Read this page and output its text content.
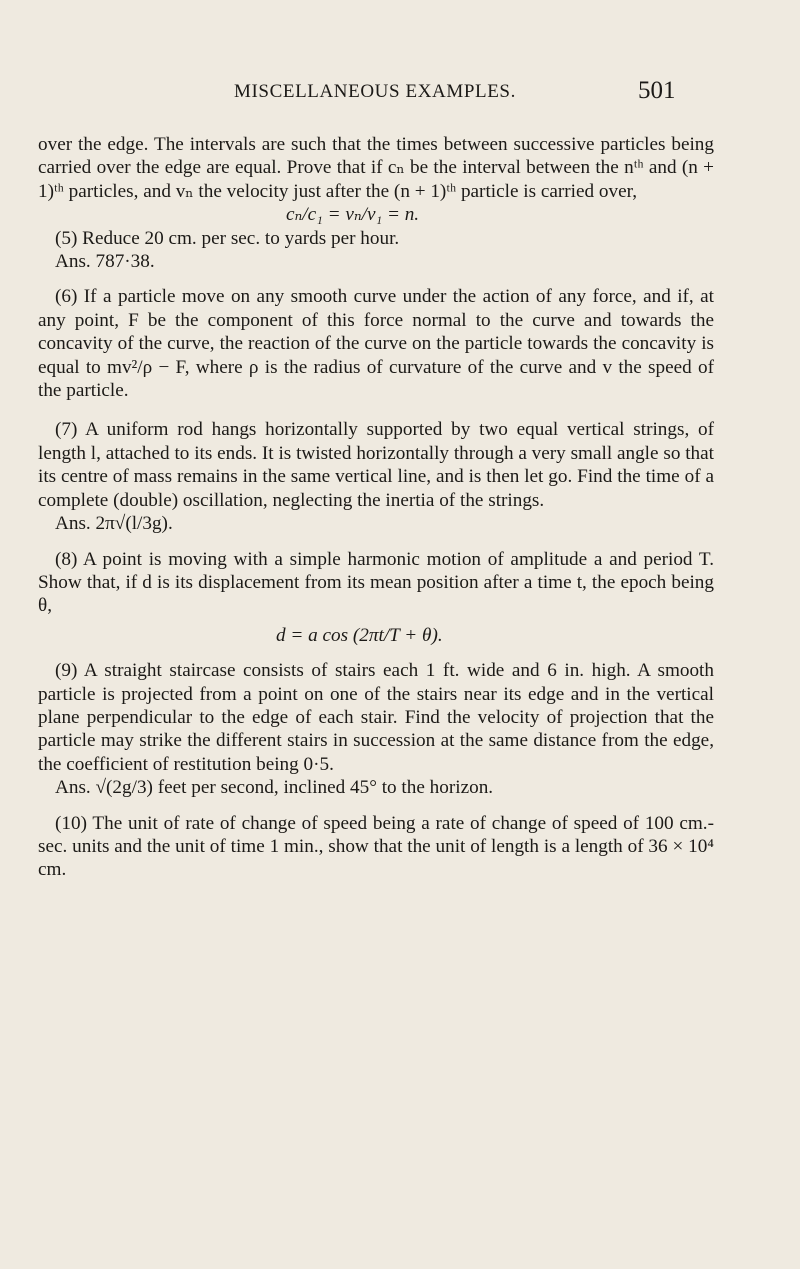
MISCELLANEOUS EXAMPLES.	501

over the edge. The intervals are such that the times between successive particles being carried over the edge are equal. Prove that if cₙ be the interval between the nᵗʰ and (n + 1)ᵗʰ particles, and vₙ the velocity just after the (n + 1)ᵗʰ particle is carried over,

cₙ/c₁ = vₙ/v₁ = n.

(5) Reduce 20 cm. per sec. to yards per hour.

Ans. 787·38.

(6) If a particle move on any smooth curve under the action of any force, and if, at any point, F be the component of this force normal to the curve and towards the concavity of the curve, the reaction of the curve on the particle towards the concavity is equal to mv²/ρ − F, where ρ is the radius of curvature of the curve and v the speed of the particle.

(7) A uniform rod hangs horizontally supported by two equal vertical strings, of length l, attached to its ends. It is twisted horizontally through a very small angle so that its centre of mass remains in the same vertical line, and is then let go. Find the time of a complete (double) oscillation, neglecting the inertia of the strings.

Ans. 2π√(l/3g).

(8) A point is moving with a simple harmonic motion of amplitude a and period T. Show that, if d is its displacement from its mean position after a time t, the epoch being θ,

d = a cos (2πt/T + θ).

(9) A straight staircase consists of stairs each 1 ft. wide and 6 in. high. A smooth particle is projected from a point on one of the stairs near its edge and in the vertical plane perpendicular to the edge of each stair. Find the velocity of projection that the particle may strike the different stairs in succession at the same distance from the edge, the coefficient of restitution being 0·5.

Ans. √(2g/3) feet per second, inclined 45° to the horizon.

(10) The unit of rate of change of speed being a rate of change of speed of 100 cm.-sec. units and the unit of time 1 min., show that the unit of length is a length of 36 × 10⁴ cm.
